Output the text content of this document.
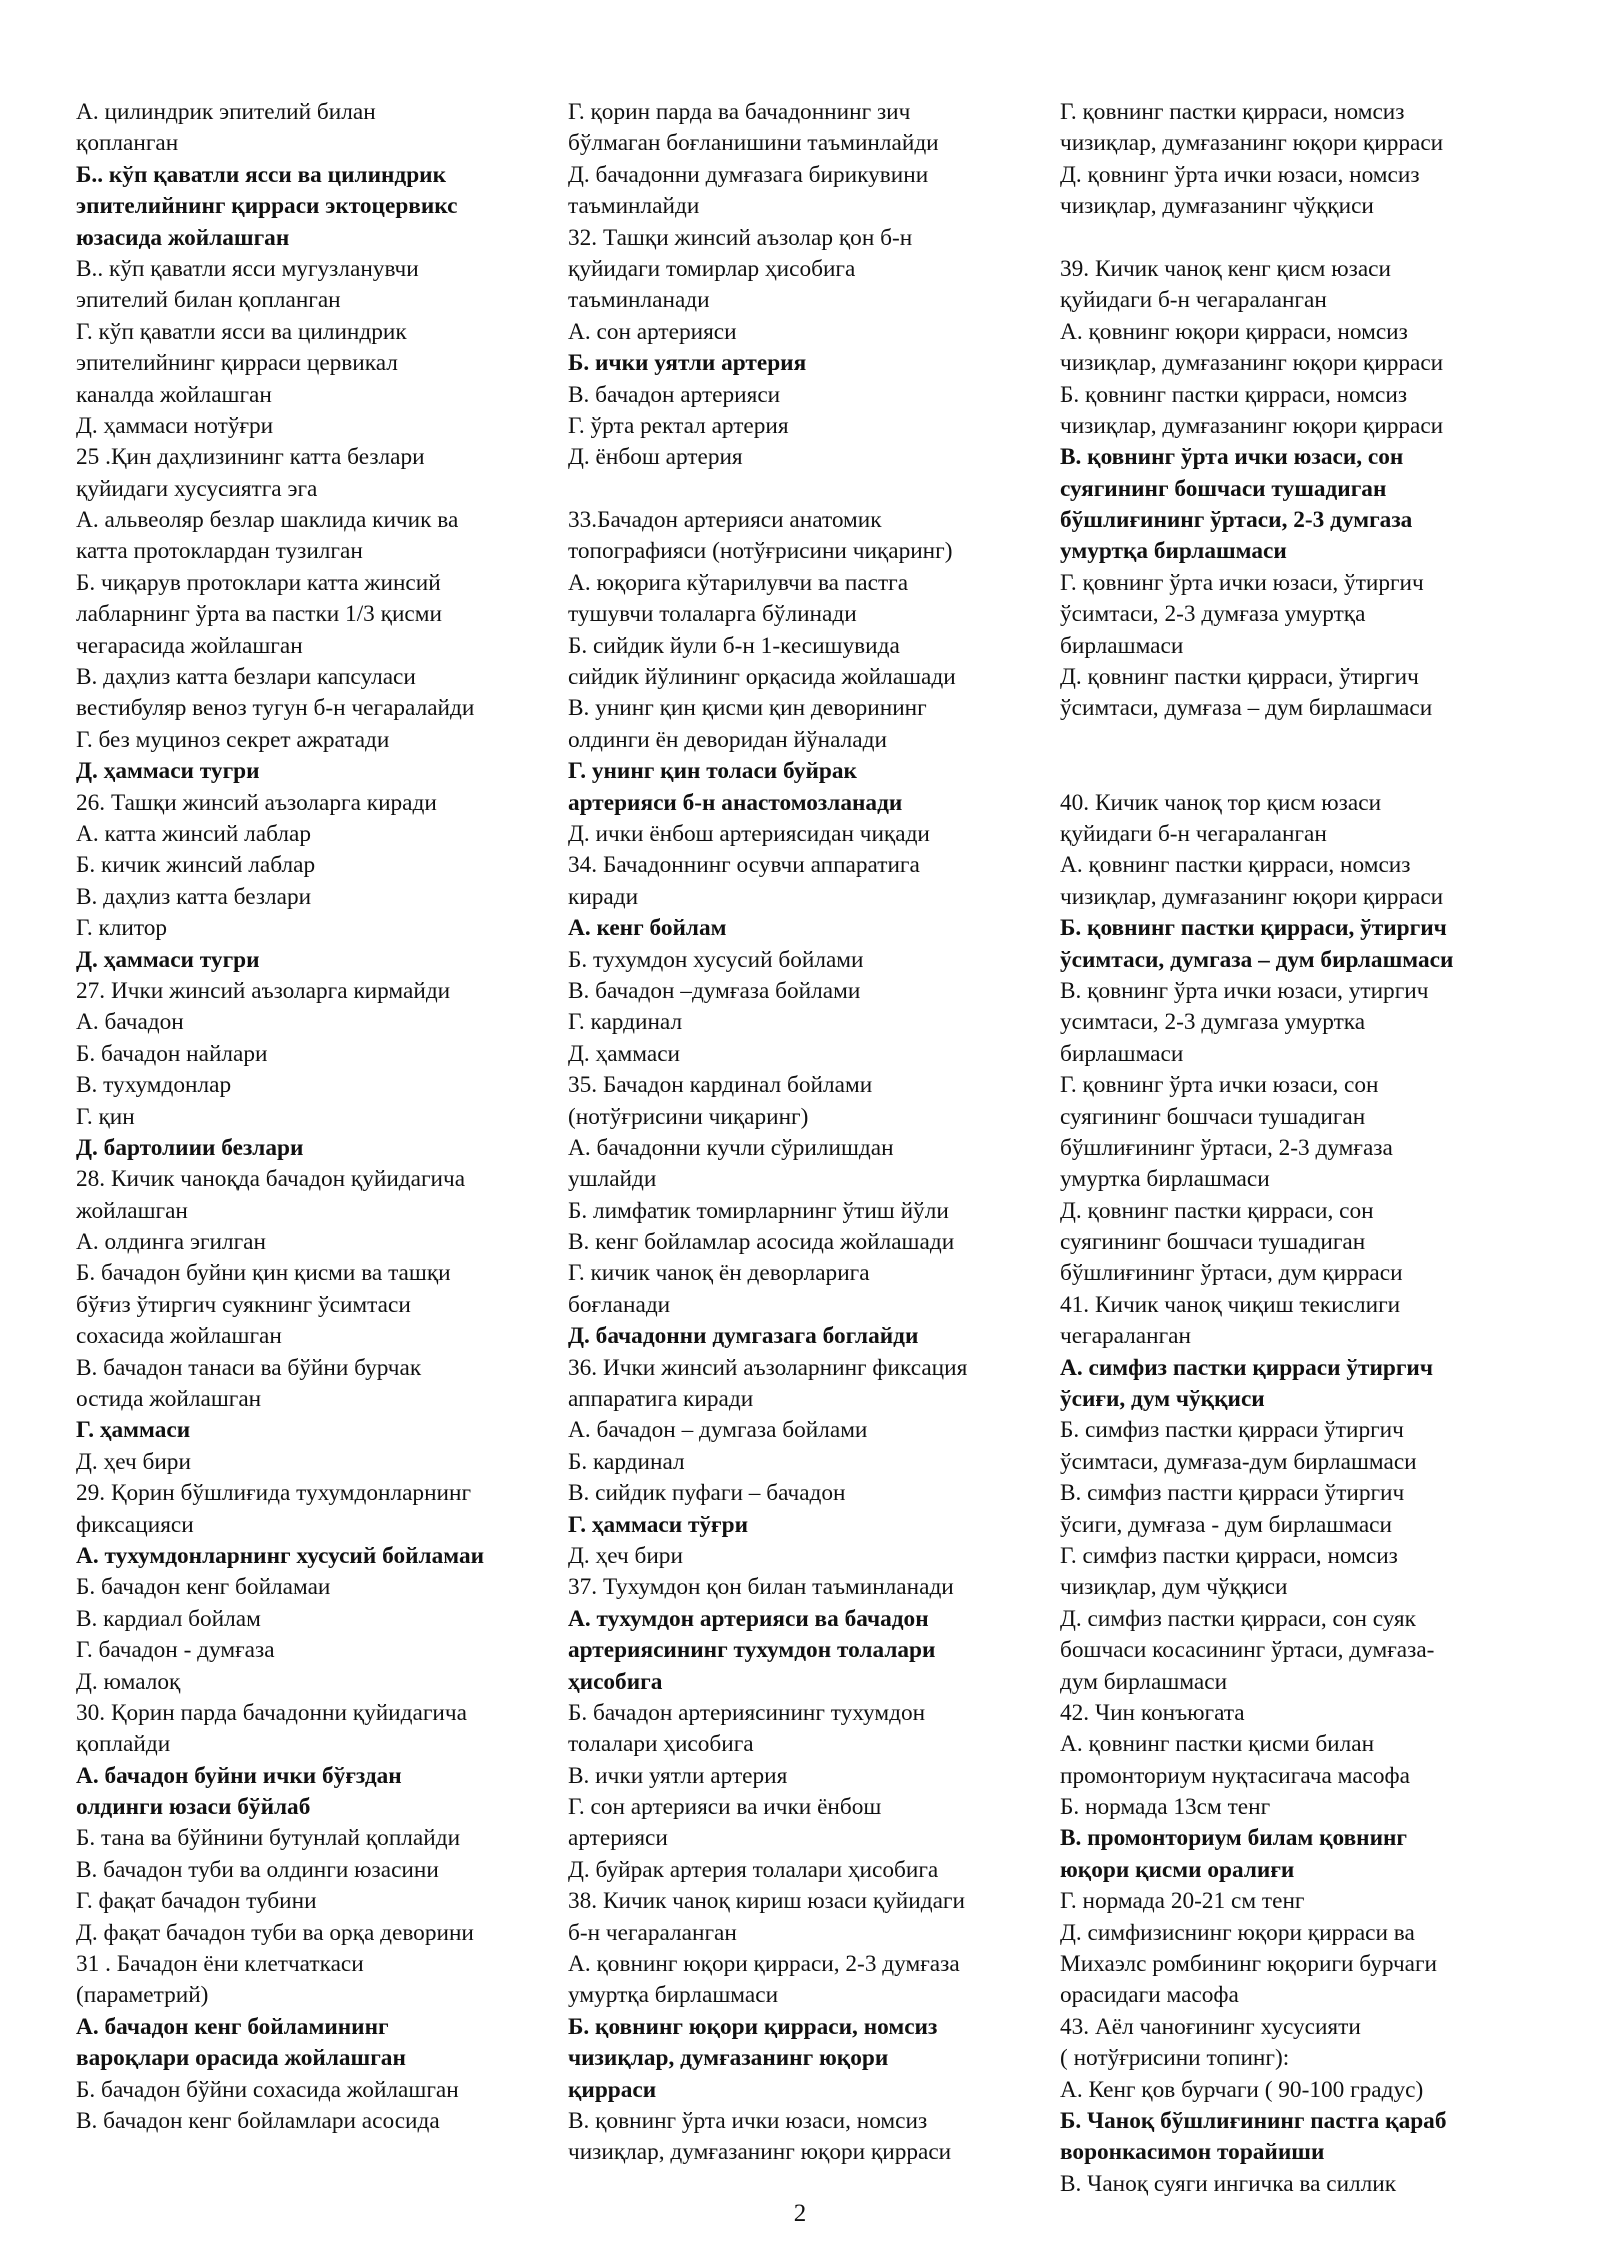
А. цилиндрик эпителий билан
қопланган
Б.. кўп қаватли ясси ва цилиндрик
эпителийнинг қирраси эктоцервикс
юзасида жойлашган
В.. кўп қаватли ясси мугузланувчи
эпителий билан қопланган
Г. кўп қаватли ясси ва цилиндрик
эпителийнинг қирраси цервикал
каналда жойлашган
Д. ҳаммаси нотўғри
25 .Қин даҳлизининг катта безлари
қуйидаги хусусиятга эга
А. альвеоляр безлар шаклида кичик ва
катта протоклардан тузилган
Б. чиқарув протоклари катта жинсий
лабларнинг ўрта ва пастки 1/3 қисми
чегарасида жойлашган
В. даҳлиз катта безлари капсуласи
вестибуляр веноз тугун б-н чегаралайди
Г. без муциноз секрет ажратади
Д. ҳаммаси тугри
26. Ташқи жинсий аъзоларга киради
А. катта жинсий лаблар
Б. кичик жинсий лаблар
В. даҳлиз катта безлари
Г. клитор
Д. ҳаммаси тугри
27. Ички жинсий аъзоларга кирмайди
А. бачадон
Б. бачадон найлари
В. тухумдонлар
Г. қин
Д. бартолиии безлари
28. Кичик чаноқда бачадон қуйидагича
жойлашган
А. олдинга эгилган
Б. бачадон буйни қин қисми ва ташқи
бўғиз ўтиргич суякнинг ўсимтаси
сохасида жойлашган
В. бачадон танаси ва бўйни бурчак
остида жойлашган
Г. ҳаммаси
Д. ҳеч бири
29. Қорин бўшлиғида тухумдонларнинг
фиксацияси
А. тухумдонларнинг хусусий бойламаи
Б. бачадон кенг бойламаи
В. кардиал бойлам
Г. бачадон - думғаза
Д. юмалоқ
30. Қорин парда бачадонни қуйидагича
қоплайди
А. бачадон буйни ички бўғздан
олдинги юзаси бўйлаб
Б. тана ва бўйнини бутунлай қоплайди
В. бачадон туби ва олдинги юзасини
Г. фақат бачадон тубини
Д. фақат бачадон туби ва орқа деворини
31 . Бачадон ёни клетчаткаси
(параметрий)
А. бачадон кенг бойламининг
вароқлари орасида жойлашган
Б. бачадон бўйни сохасида жойлашган
В. бачадон кенг бойламлари асосида
Г. қорин парда ва бачадоннинг зич
бўлмаган боғланишини таъминлайди
Д. бачадонни думғазага бирикувини
таъминлайди
32. Ташқи жинсий аъзолар қон б-н
қуйидаги томирлар ҳисобига
таъминланади
А. сон артерияси
Б. ички уятли артерия
В. бачадон артерияси
Г. ўрта ректал артерия
Д. ёнбош артерия
33.Бачадон артерияси анатомик
топографияси (нотўғрисини чиқаринг)
А. юқорига кўтарилувчи ва пастга
тушувчи толаларга бўлинади
Б. сийдик йули б-н 1-кесишувида
сийдик йўлининг орқасида жойлашади
В. унинг қин қисми қин деворининг
олдинги ён деворидан йўналади
Г. унинг қин толаси буйрак
артерияси б-н анастомозланади
Д. ички ёнбош артериясидан чиқади
34. Бачадоннинг осувчи аппаратига
киради
А. кенг бойлам
Б. тухумдон хусусий бойлами
В. бачадон –думғаза бойлами
Г. кардинал
Д. ҳаммаси
35. Бачадон кардинал бойлами
(нотўғрисини чиқаринг)
А. бачадонни кучли сўрилишдан
ушлайди
Б. лимфатик томирларнинг ўтиш йўли
В. кенг бойламлар асосида жойлашади
Г. кичик чаноқ ён деворларига
боғланади
Д. бачадонни думгазага боглайди
36. Ички жинсий аъзоларнинг фиксация
аппаратига киради
А. бачадон – думгаза бойлами
Б. кардинал
В. сийдик пуфаги – бачадон
Г. ҳаммаси тўғри
Д. ҳеч бири
37. Тухумдон қон билан таъминланади
А. тухумдон артерияси ва бачадон
артериясининг тухумдон толалари
ҳисобига
Б. бачадон артериясининг тухумдон
толалари ҳисобига
В. ички уятли артерия
Г. сон артерияси ва ички ёнбош
артерияси
Д. буйрак артерия толалари ҳисобига
38. Кичик чаноқ кириш юзаси қуйидаги
б-н чегараланган
А. қовнинг юқори қирраси, 2-3 думғаза
умуртқа бирлашмаси
Б. қовнинг юқори қирраси, номсиз
чизиқлар, думғазанинг юқори
қирраси
В. қовнинг ўрта ички юзаси, номсиз
чизиқлар, думғазанинг юқори қирраси
Г. қовнинг пастки қирраси, номсиз
чизиқлар, думғазанинг юқори қирраси
Д. қовнинг ўрта ички юзаси, номсиз
чизиқлар, думғазанинг чўққиси
39. Кичик чаноқ кенг қисм юзаси
қуйидаги б-н чегараланган
А. қовнинг юқори қирраси, номсиз
чизиқлар, думғазанинг юқори қирраси
Б. қовнинг пастки қирраси, номсиз
чизиқлар, думғазанинг юқори қирраси
В. қовнинг ўрта ички юзаси, сон
суягининг бошчаси тушадиган
бўшлиғининг ўртаси, 2-3 думгаза
умуртқа бирлашмаси
Г. қовнинг ўрта ички юзаси, ўтиргич
ўсимтаси, 2-3 думғаза умуртқа
бирлашмаси
Д. қовнинг пастки қирраси, ўтиргич
ўсимтаси, думғаза – дум бирлашмаси
40. Кичик чаноқ тор қисм юзаси
қуйидаги б-н чегараланган
А. қовнинг пастки қирраси, номсиз
чизиқлар, думғазанинг юқори қирраси
Б. қовнинг пастки қирраси, ўтиргич
ўсимтаси, думгаза – дум бирлашмаси
В. қовнинг ўрта ички юзаси, утиргич
усимтаси, 2-3 думгаза умуртка
бирлашмаси
Г. қовнинг ўрта ички юзаси, сон
суягининг бошчаси тушадиган
бўшлиғининг ўртаси, 2-3 думғаза
умуртка бирлашмаси
Д. қовнинг пастки қирраси, сон
суягининг бошчаси тушадиган
бўшлиғининг ўртаси, дум қирраси
41. Кичик чаноқ чиқиш текислиги
чегараланган
А. симфиз пастки қирраси ўтиргич
ўсиғи, дум чўққиси
Б. симфиз пастки қирраси ўтиргич
ўсимтаси, думғаза-дум бирлашмаси
В. симфиз пастги қирраси ўтиргич
ўсиги, думғаза - дум бирлашмаси
Г. симфиз пастки қирраси, номсиз
чизиқлар, дум чўққиси
Д. симфиз пастки қирраси, сон суяк
бошчаси косасининг ўртаси, думғаза-
дум бирлашмаси
42. Чин конъюгата
А. қовнинг пастки қисми билан
промонториум нуқтасигача масофа
Б. нормада 13см тенг
В. промонториум билам қовнинг
юқори қисми оралиғи
Г. нормада 20-21 см тенг
Д. симфизиснинг юқори қирраси ва
Михаэлс ромбининг юқориги бурчаги
орасидаги масофа
43. Аёл чаноғининг хусусияти
( нотўғрисини топинг):
А. Кенг қов бурчаги ( 90-100 градус)
Б. Чаноқ бўшлиғининг пастга қараб
воронкасимон торайиши
В. Чаноқ суяги ингичка ва силлик
2
